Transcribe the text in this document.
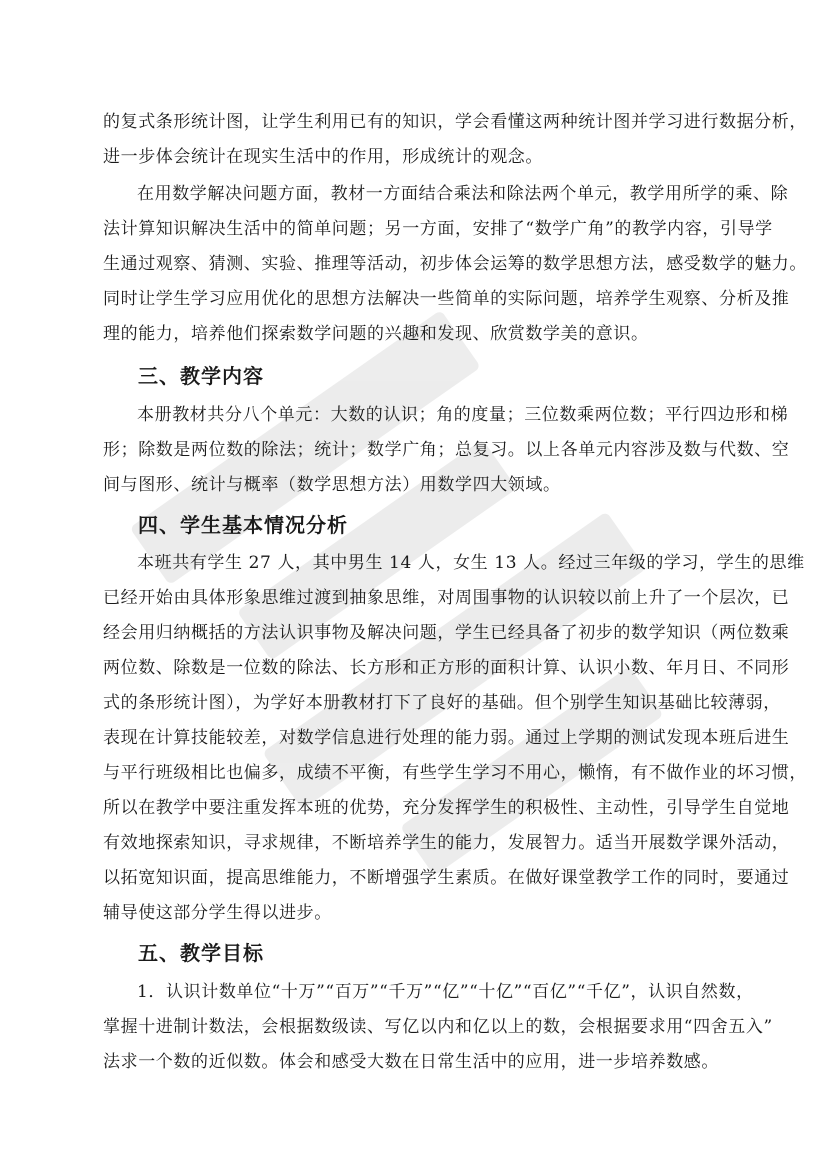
的复式条形统计图，让学生利用已有的知识，学会看懂这两种统计图并学习进行数据分析，
进一步体会统计在现实生活中的作用，形成统计的观念。
在用数学解决问题方面，教材一方面结合乘法和除法两个单元，教学用所学的乘、除
法计算知识解决生活中的简单问题；另一方面，安排了“数学广角”的教学内容，引导学
生通过观察、猜测、实验、推理等活动，初步体会运筹的数学思想方法，感受数学的魅力。
同时让学生学习应用优化的思想方法解决一些简单的实际问题，培养学生观察、分析及推
理的能力，培养他们探索数学问题的兴趣和发现、欣赏数学美的意识。
三、教学内容
本册教材共分八个单元：大数的认识；角的度量；三位数乘两位数；平行四边形和梯
形；除数是两位数的除法；统计；数学广角；总复习。以上各单元内容涉及数与代数、空
间与图形、统计与概率（数学思想方法）用数学四大领域。
四、学生基本情况分析
本班共有学生 27 人，其中男生 14 人，女生 13 人。经过三年级的学习，学生的思维
已经开始由具体形象思维过渡到抽象思维，对周围事物的认识较以前上升了一个层次，已
经会用归纳概括的方法认识事物及解决问题，学生已经具备了初步的数学知识（两位数乘
两位数、除数是一位数的除法、长方形和正方形的面积计算、认识小数、年月日、不同形
式的条形统计图），为学好本册教材打下了良好的基础。但个别学生知识基础比较薄弱，
表现在计算技能较差，对数学信息进行处理的能力弱。通过上学期的测试发现本班后进生
与平行班级相比也偏多，成绩不平衡，有些学生学习不用心，懒惰，有不做作业的坏习惯，
所以在教学中要注重发挥本班的优势，充分发挥学生的积极性、主动性，引导学生自觉地
有效地探索知识，寻求规律，不断培养学生的能力，发展智力。适当开展数学课外活动，
以拓宽知识面，提高思维能力，不断增强学生素质。在做好课堂教学工作的同时，要通过
辅导使这部分学生得以进步。
五、教学目标
1．认识计数单位“十万”“百万”“千万”“亿”“十亿”“百亿”“千亿”，认识自然数，
掌握十进制计数法，会根据数级读、写亿以内和亿以上的数，会根据要求用“四舍五入”
法求一个数的近似数。体会和感受大数在日常生活中的应用，进一步培养数感。
